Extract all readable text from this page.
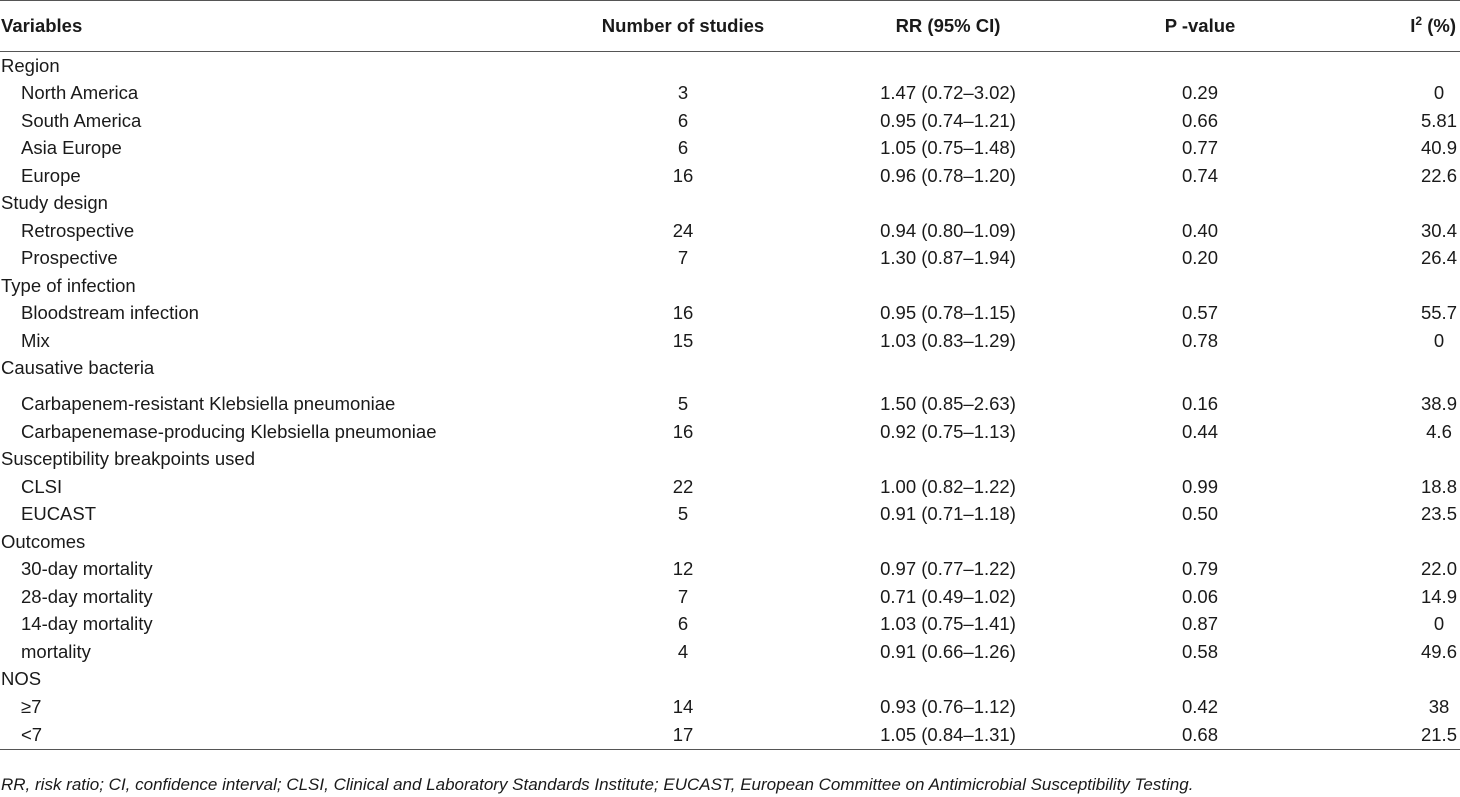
Variables	Number of studies	RR (95% CI)	P -value	$I^2$ (%)
Region				
North America	3	1.47 (0.72–3.02)	0.29	0
South America	6	0.95 (0.74–1.21)	0.66	5.81
Asia Europe	6	1.05 (0.75–1.48)	0.77	40.9
Europe	16	0.96 (0.78–1.20)	0.74	22.6
Study design				
Retrospective	24	0.94 (0.80–1.09)	0.40	30.4
Prospective	7	1.30 (0.87–1.94)	0.20	26.4
Type of infection				
Bloodstream infection	16	0.95 (0.78–1.15)	0.57	55.7
Mix	15	1.03 (0.83–1.29)	0.78	0
Causative bacteria				
Carbapenem-resistant Klebsiella pneumoniae	5	1.50 (0.85–2.63)	0.16	38.9
Carbapenemase-producing Klebsiella pneumoniae	16	0.92 (0.75–1.13)	0.44	4.6
Susceptibility breakpoints used				
CLSI	22	1.00 (0.82–1.22)	0.99	18.8
EUCAST	5	0.91 (0.71–1.18)	0.50	23.5
Outcomes				
30-day mortality	12	0.97 (0.77–1.22)	0.79	22.0
28-day mortality	7	0.71 (0.49–1.02)	0.06	14.9
14-day mortality	6	1.03 (0.75–1.41)	0.87	0
mortality	4	0.91 (0.66–1.26)	0.58	49.6
NOS				
≥7	14	0.93 (0.76–1.12)	0.42	38
<7	17	1.05 (0.84–1.31)	0.68	21.5
RR, risk ratio; CI, confidence interval; CLSI, Clinical and Laboratory Standards Institute; EUCAST, European Committee on Antimicrobial Susceptibility Testing.
